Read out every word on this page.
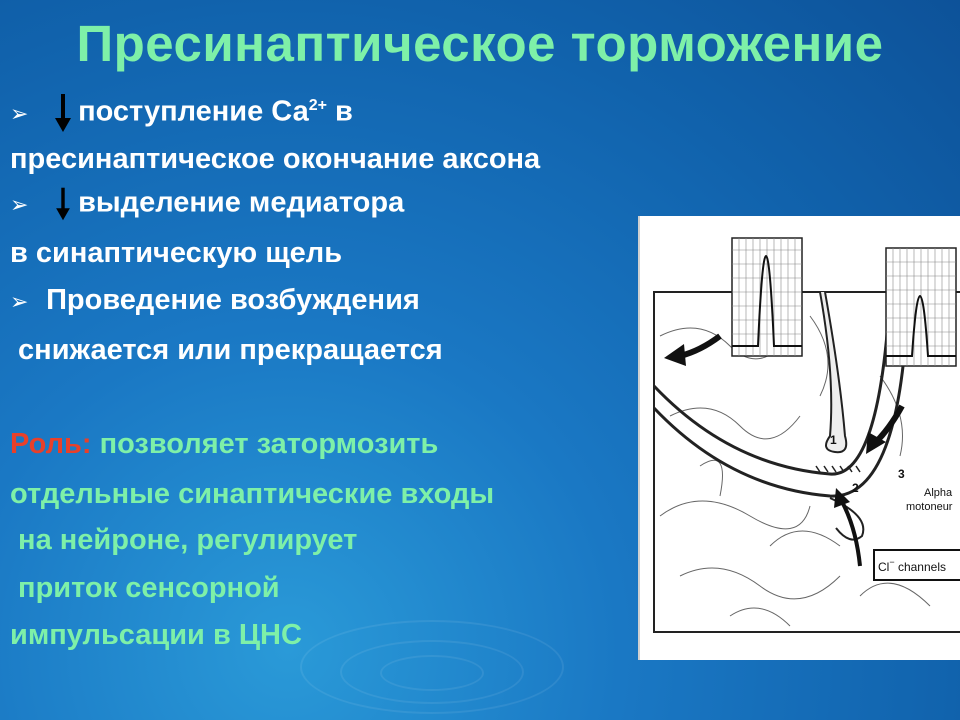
Пресинаптическое торможение
➢ поступление $Са^{2+}$ в
пресинаптическое окончание аксона
➢ выделение медиатора
в синаптическую щель
➢ Проведение возбуждения
снижается или прекращается
Роль: позволяет затормозить
отдельные синаптические входы
на нейроне, регулирует
приток сенсорной
импульсации в ЦНС
1
2
3
Alpha
motoneur
Cl− channels
